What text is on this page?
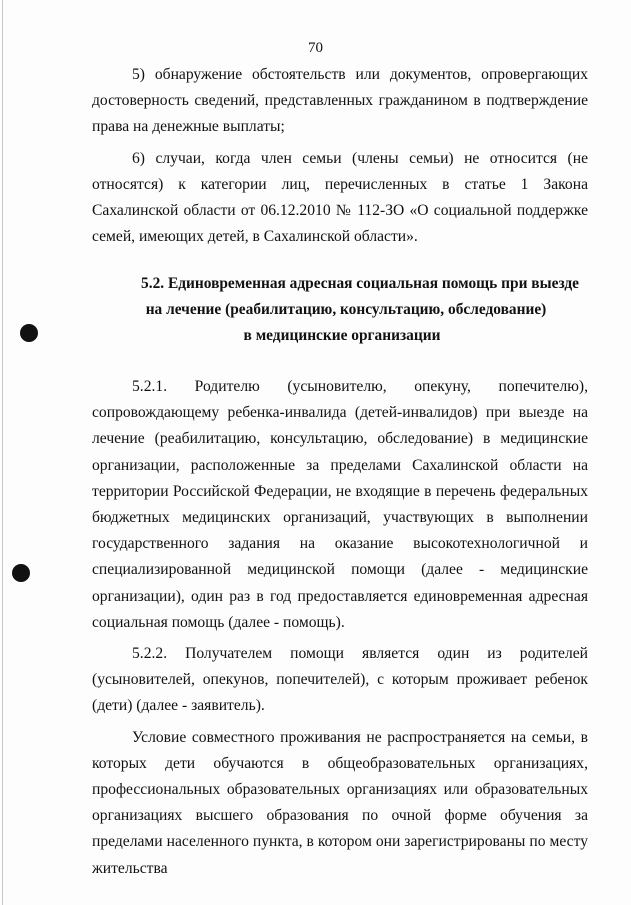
70

5) обнаружение обстоятельств или документов, опровергающих достоверность сведений, представленных гражданином в подтверждение права на денежные выплаты;

6) случаи, когда член семьи (члены семьи) не относится (не относятся) к категории лиц, перечисленных в статье 1 Закона Сахалинской области от 06.12.2010 № 112-ЗО «О социальной поддержке семей, имеющих детей, в Сахалинской области».

5.2. Единовременная адресная социальная помощь при выезде
на лечение (реабилитацию, консультацию, обследование)
в медицинские организации

5.2.1. Родителю (усыновителю, опекуну, попечителю), сопровождающему ребенка-инвалида (детей-инвалидов) при выезде на лечение (реабилитацию, консультацию, обследование) в медицинские организации, расположенные за пределами Сахалинской области на территории Российской Федерации, не входящие в перечень федеральных бюджетных медицинских организаций, участвующих в выполнении государственного задания на оказание высокотехнологичной и специализированной медицинской помощи (далее - медицинские организации), один раз в год предоставляется единовременная адресная социальная помощь (далее - помощь).

5.2.2. Получателем помощи является один из родителей (усыновителей, опекунов, попечителей), с которым проживает ребенок (дети) (далее - заявитель).

Условие совместного проживания не распространяется на семьи, в которых дети обучаются в общеобразовательных организациях, профессиональных образовательных организациях или образовательных организациях высшего образования по очной форме обучения за пределами населенного пункта, в котором они зарегистрированы по месту жительства
